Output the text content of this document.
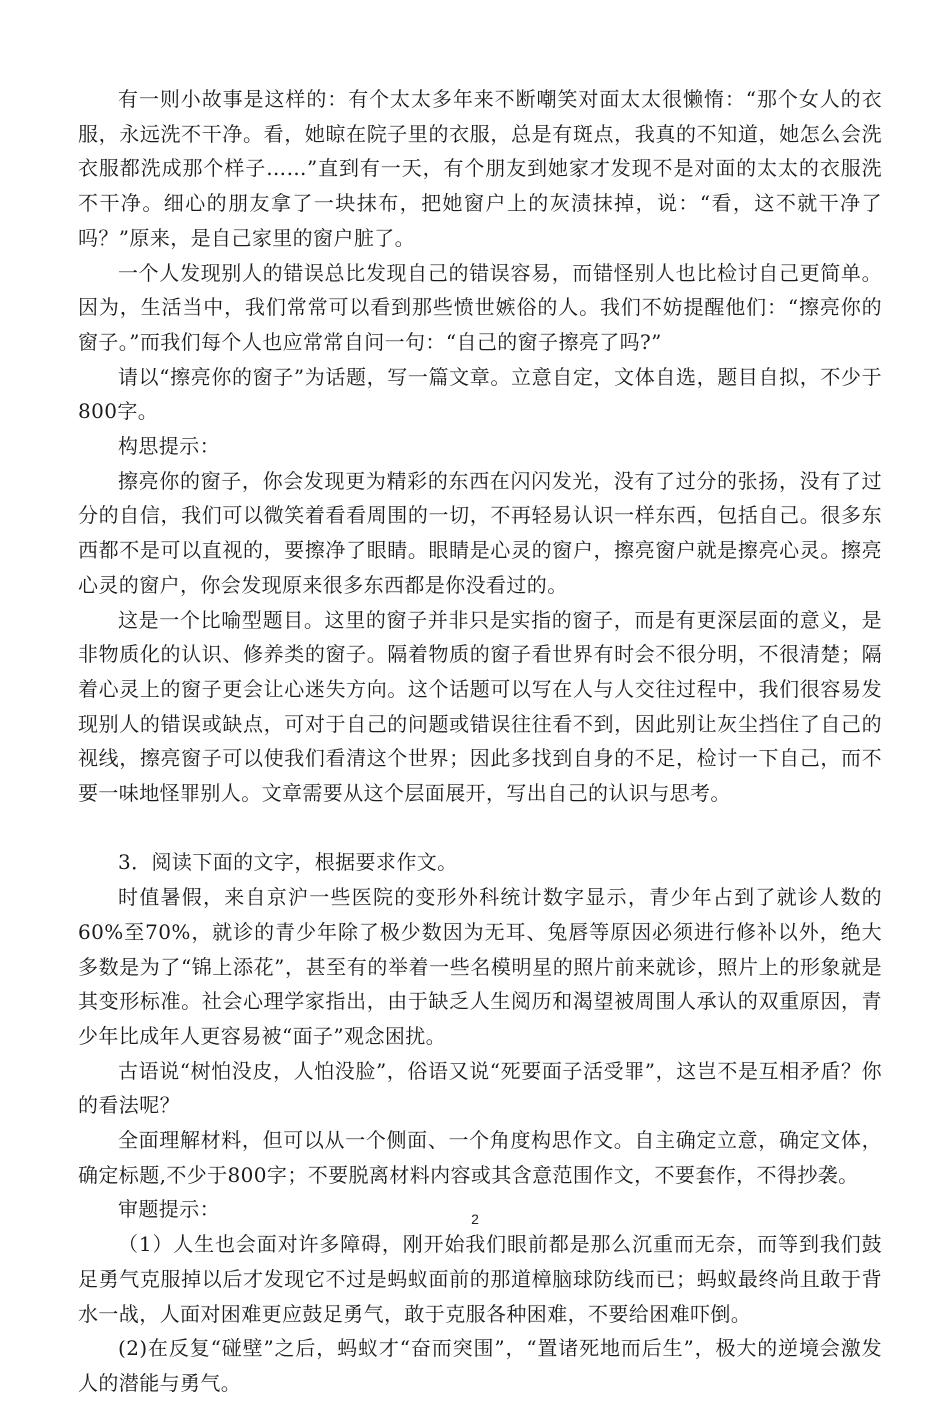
有一则小故事是这样的：有个太太多年来不断嘲笑对面太太很懒惰：“那个女人的衣服，永远洗不干净。看，她晾在院子里的衣服，总是有斑点，我真的不知道，她怎么会洗衣服都洗成那个样子……”直到有一天，有个朋友到她家才发现不是对面的太太的衣服洗不干净。细心的朋友拿了一块抹布，把她窗户上的灰渍抹掉，说：“看，这不就干净了吗？”原来，是自己家里的窗户脏了。

一个人发现别人的错误总比发现自己的错误容易，而错怪别人也比检讨自己更简单。因为，生活当中，我们常常可以看到那些愤世嫉俗的人。我们不妨提醒他们：“擦亮你的窗子。”而我们每个人也应常常自问一句：“自己的窗子擦亮了吗?”

请以“擦亮你的窗子”为话题，写一篇文章。立意自定，文体自选，题目自拟，不少于800字。

构思提示：

擦亮你的窗子，你会发现更为精彩的东西在闪闪发光，没有了过分的张扬，没有了过分的自信，我们可以微笑着看看周围的一切，不再轻易认识一样东西，包括自己。很多东西都不是可以直视的，要擦净了眼睛。眼睛是心灵的窗户，擦亮窗户就是擦亮心灵。擦亮心灵的窗户，你会发现原来很多东西都是你没看过的。

这是一个比喻型题目。这里的窗子并非只是实指的窗子，而是有更深层面的意义，是非物质化的认识、修养类的窗子。隔着物质的窗子看世界有时会不很分明，不很清楚；隔着心灵上的窗子更会让心迷失方向。这个话题可以写在人与人交往过程中，我们很容易发现别人的错误或缺点，可对于自己的问题或错误往往看不到，因此别让灰尘挡住了自己的视线，擦亮窗子可以使我们看清这个世界；因此多找到自身的不足，检讨一下自己，而不要一味地怪罪别人。文章需要从这个层面展开，写出自己的认识与思考。

3．阅读下面的文字，根据要求作文。

时值暑假，来自京沪一些医院的变形外科统计数字显示，青少年占到了就诊人数的60%至70%，就诊的青少年除了极少数因为无耳、兔唇等原因必须进行修补以外，绝大多数是为了“锦上添花”，甚至有的举着一些名模明星的照片前来就诊，照片上的形象就是其变形标准。社会心理学家指出，由于缺乏人生阅历和渴望被周围人承认的双重原因，青少年比成年人更容易被“面子”观念困扰。

古语说“树怕没皮，人怕没脸”，俗语又说“死要面子活受罪”，这岂不是互相矛盾？你的看法呢？

全面理解材料，但可以从一个侧面、一个角度构思作文。自主确定立意，确定文体，确定标题,不少于800字；不要脱离材料内容或其含意范围作文，不要套作，不得抄袭。

审题提示：

（1）人生也会面对许多障碍，刚开始我们眼前都是那么沉重而无奈，而等到我们鼓足勇气克服掉以后才发现它不过是蚂蚁面前的那道樟脑球防线而已；蚂蚁最终尚且敢于背水一战，人面对困难更应鼓足勇气，敢于克服各种困难，不要给困难吓倒。

(2)在反复“碰壁”之后，蚂蚁才“奋而突围”，“置诸死地而后生”，极大的逆境会激发人的潜能与勇气。

2
